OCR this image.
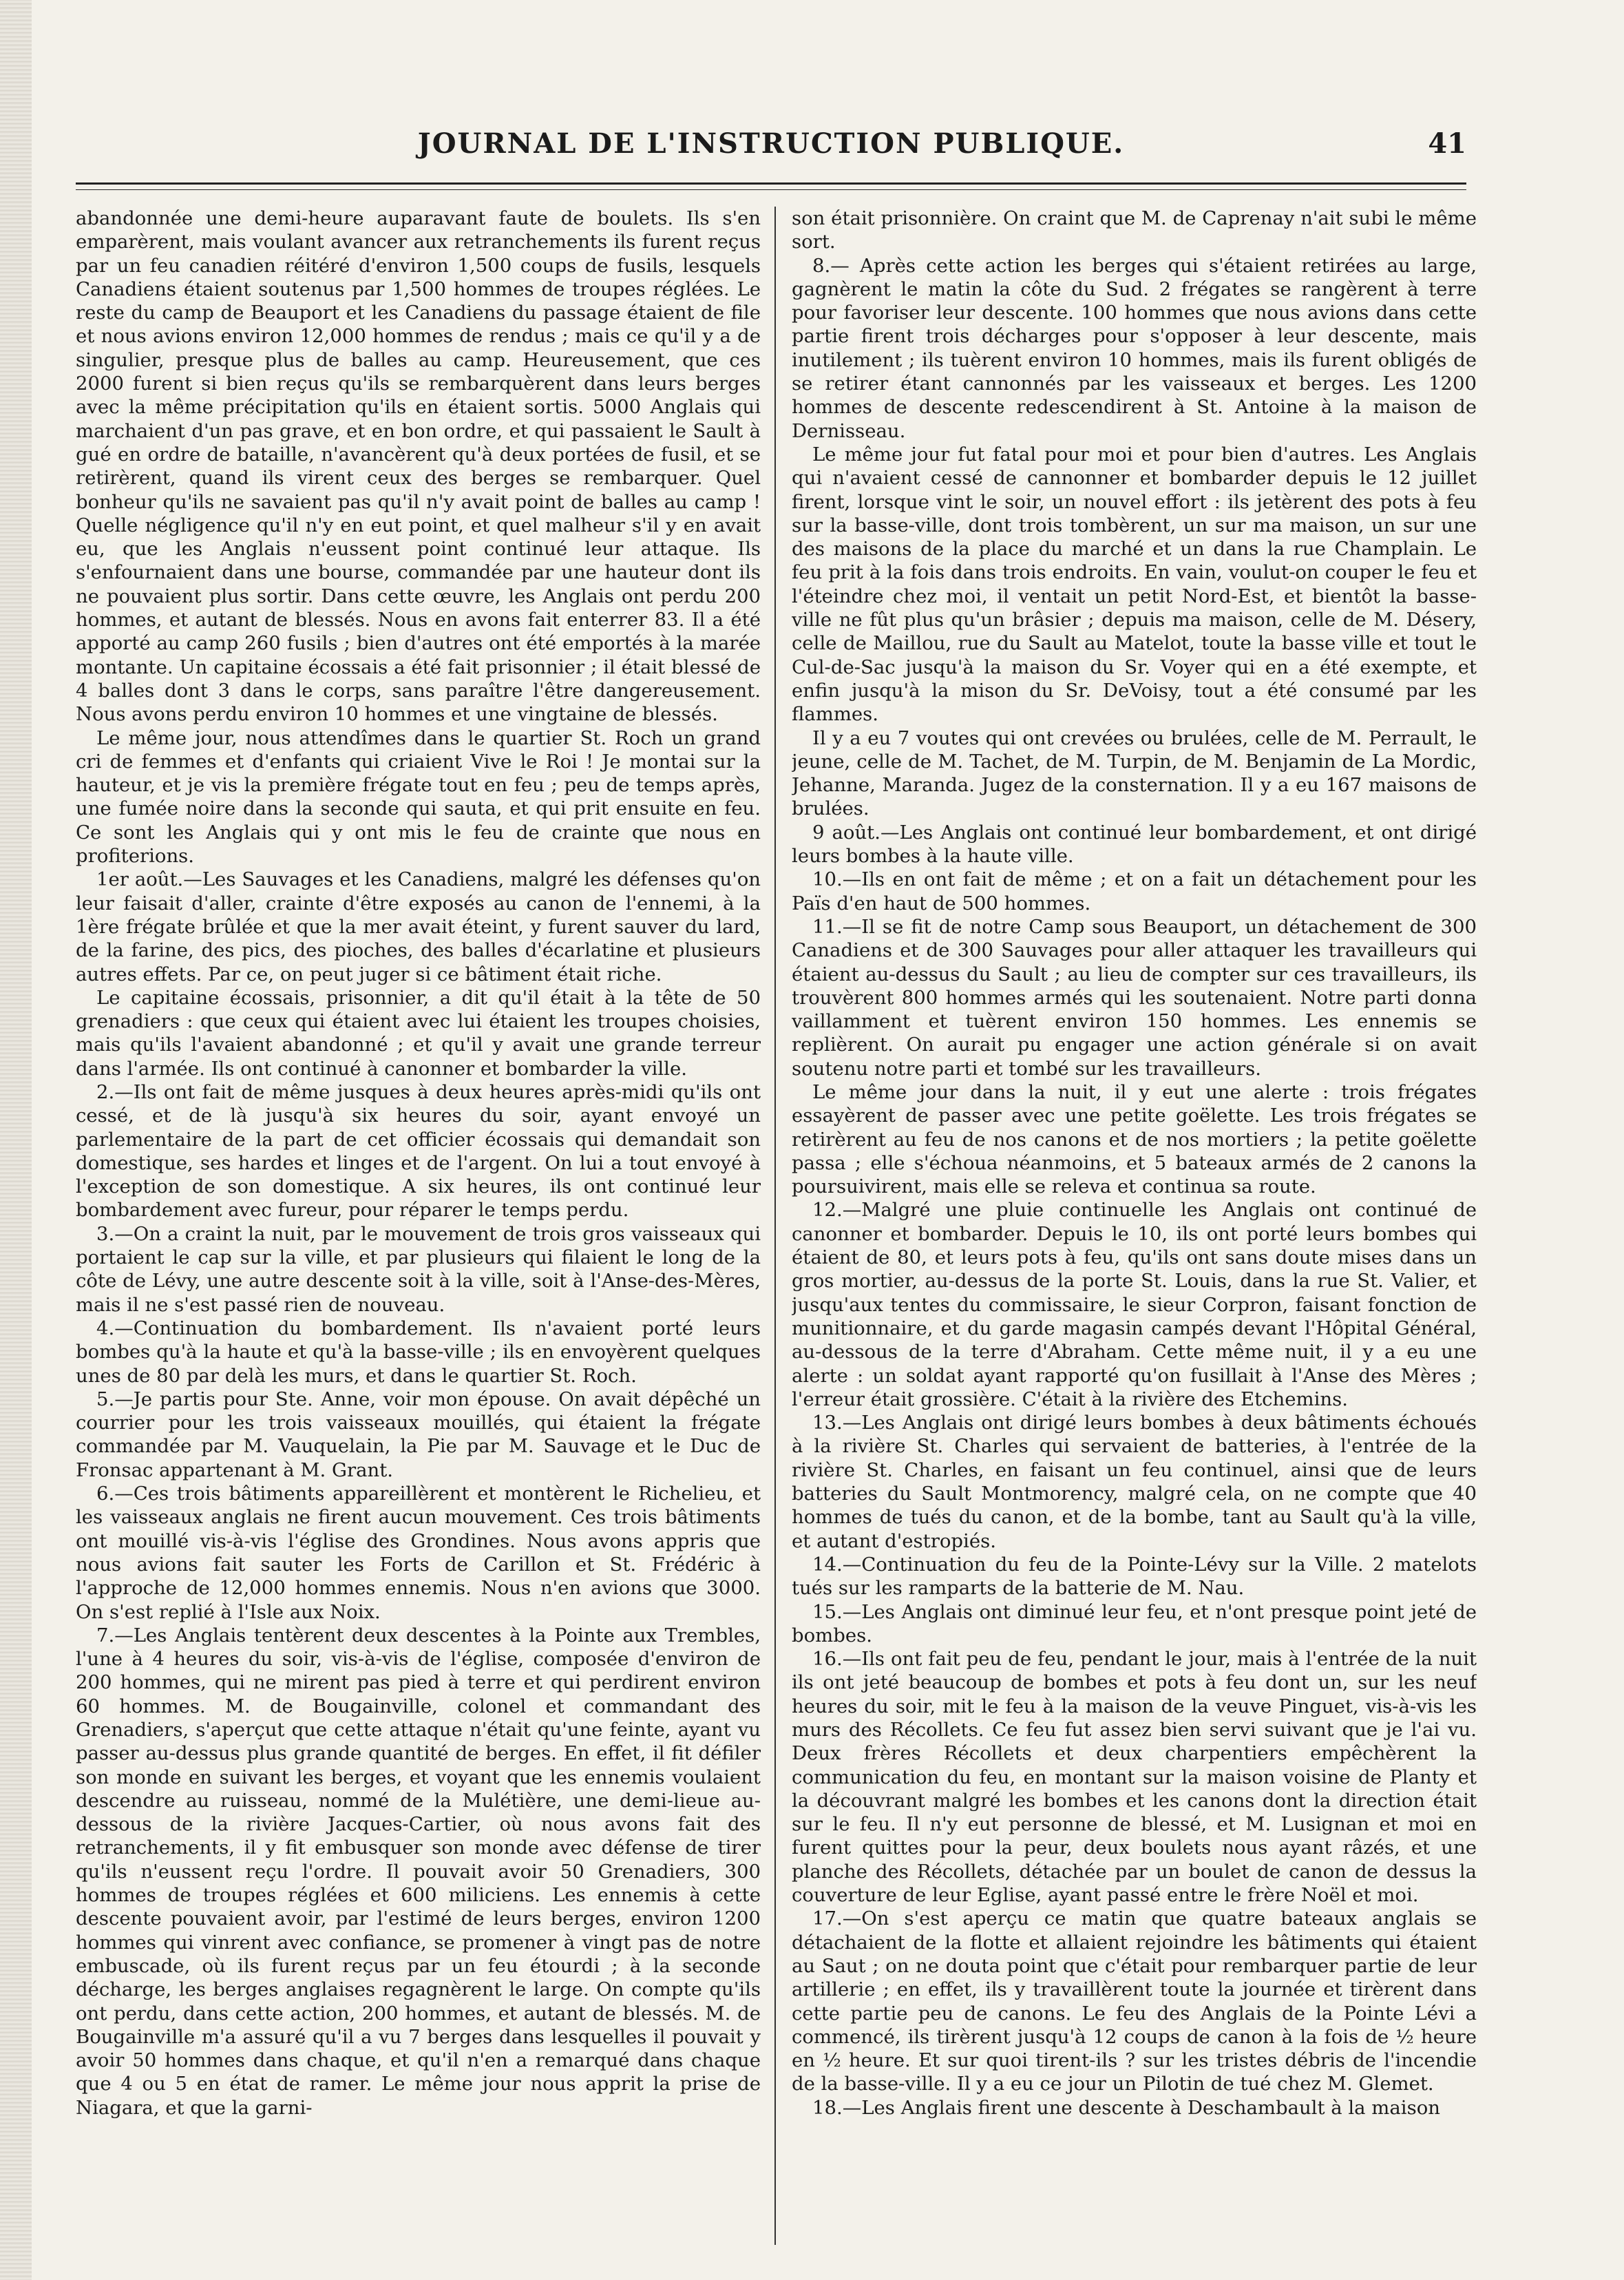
JOURNAL DE L'INSTRUCTION PUBLIQUE.	41

abandonnée une demi-heure auparavant faute de boulets. Ils s'en emparèrent, mais voulant avancer aux retranchements ils furent reçus par un feu canadien réitéré d'environ 1,500 coups de fusils, lesquels Canadiens étaient soutenus par 1,500 hommes de troupes réglées. Le reste du camp de Beauport et les Canadiens du passage étaient de file et nous avions environ 12,000 hommes de rendus ; mais ce qu'il y a de singulier, presque plus de balles au camp. Heureusement, que ces 2000 furent si bien reçus qu'ils se rembarquèrent dans leurs berges avec la même précipitation qu'ils en étaient sortis. 5000 Anglais qui marchaient d'un pas grave, et en bon ordre, et qui passaient le Sault à gué en ordre de bataille, n'avancèrent qu'à deux portées de fusil, et se retirèrent, quand ils virent ceux des berges se rembarquer. Quel bonheur qu'ils ne savaient pas qu'il n'y avait point de balles au camp ! Quelle négligence qu'il n'y en eut point, et quel malheur s'il y en avait eu, que les Anglais n'eussent point continué leur attaque. Ils s'enfournaient dans une bourse, commandée par une hauteur dont ils ne pouvaient plus sortir. Dans cette œuvre, les Anglais ont perdu 200 hommes, et autant de blessés. Nous en avons fait enterrer 83. Il a été apporté au camp 260 fusils ; bien d'autres ont été emportés à la marée montante. Un capitaine écossais a été fait prisonnier ; il était blessé de 4 balles dont 3 dans le corps, sans paraître l'être dangereusement. Nous avons perdu environ 10 hommes et une vingtaine de blessés.

Le même jour, nous attendîmes dans le quartier St. Roch un grand cri de femmes et d'enfants qui criaient Vive le Roi ! Je montai sur la hauteur, et je vis la première frégate tout en feu ; peu de temps après, une fumée noire dans la seconde qui sauta, et qui prit ensuite en feu. Ce sont les Anglais qui y ont mis le feu de crainte que nous en profiterions.

1er août.—Les Sauvages et les Canadiens, malgré les défenses qu'on leur faisait d'aller, crainte d'être exposés au canon de l'ennemi, à la 1ère frégate brûlée et que la mer avait éteint, y furent sauver du lard, de la farine, des pics, des pioches, des balles d'écarlatine et plusieurs autres effets. Par ce, on peut juger si ce bâtiment était riche.

Le capitaine écossais, prisonnier, a dit qu'il était à la tête de 50 grenadiers : que ceux qui étaient avec lui étaient les troupes choisies, mais qu'ils l'avaient abandonné ; et qu'il y avait une grande terreur dans l'armée. Ils ont continué à canonner et bombarder la ville.

2.—Ils ont fait de même jusques à deux heures après-midi qu'ils ont cessé, et de là jusqu'à six heures du soir, ayant envoyé un parlementaire de la part de cet officier écossais qui demandait son domestique, ses hardes et linges et de l'argent. On lui a tout envoyé à l'exception de son domestique. A six heures, ils ont continué leur bombardement avec fureur, pour réparer le temps perdu.

3.—On a craint la nuit, par le mouvement de trois gros vaisseaux qui portaient le cap sur la ville, et par plusieurs qui filaient le long de la côte de Lévy, une autre descente soit à la ville, soit à l'Anse-des-Mères, mais il ne s'est passé rien de nouveau.

4.—Continuation du bombardement. Ils n'avaient porté leurs bombes qu'à la haute et qu'à la basse-ville ; ils en envoyèrent quelques unes de 80 par delà les murs, et dans le quartier St. Roch.

5.—Je partis pour Ste. Anne, voir mon épouse. On avait dépêché un courrier pour les trois vaisseaux mouillés, qui étaient la frégate commandée par M. Vauquelain, la Pie par M. Sauvage et le Duc de Fronsac appartenant à M. Grant.

6.—Ces trois bâtiments appareillèrent et montèrent le Richelieu, et les vaisseaux anglais ne firent aucun mouvement. Ces trois bâtiments ont mouillé vis-à-vis l'église des Grondines. Nous avons appris que nous avions fait sauter les Forts de Carillon et St. Frédéric à l'approche de 12,000 hommes ennemis. Nous n'en avions que 3000. On s'est replié à l'Isle aux Noix.

7.—Les Anglais tentèrent deux descentes à la Pointe aux Trembles, l'une à 4 heures du soir, vis-à-vis de l'église, composée d'environ de 200 hommes, qui ne mirent pas pied à terre et qui perdirent environ 60 hommes. M. de Bougainville, colonel et commandant des Grenadiers, s'aperçut que cette attaque n'était qu'une feinte, ayant vu passer au-dessus plus grande quantité de berges. En effet, il fit défiler son monde en suivant les berges, et voyant que les ennemis voulaient descendre au ruisseau, nommé de la Mulétière, une demi-lieue au-dessous de la rivière Jacques-Cartier, où nous avons fait des retranchements, il y fit embusquer son monde avec défense de tirer qu'ils n'eussent reçu l'ordre. Il pouvait avoir 50 Grenadiers, 300 hommes de troupes réglées et 600 miliciens. Les ennemis à cette descente pouvaient avoir, par l'estimé de leurs berges, environ 1200 hommes qui vinrent avec confiance, se promener à vingt pas de notre embuscade, où ils furent reçus par un feu étourdi ; à la seconde décharge, les berges anglaises regagnèrent le large. On compte qu'ils ont perdu, dans cette action, 200 hommes, et autant de blessés. M. de Bougainville m'a assuré qu'il a vu 7 berges dans lesquelles il pouvait y avoir 50 hommes dans chaque, et qu'il n'en a remarqué dans chaque que 4 ou 5 en état de ramer. Le même jour nous apprit la prise de Niagara, et que la garni-

son était prisonnière. On craint que M. de Caprenay n'ait subi le même sort.

8.— Après cette action les berges qui s'étaient retirées au large, gagnèrent le matin la côte du Sud. 2 frégates se rangèrent à terre pour favoriser leur descente. 100 hommes que nous avions dans cette partie firent trois décharges pour s'opposer à leur descente, mais inutilement ; ils tuèrent environ 10 hommes, mais ils furent obligés de se retirer étant cannonnés par les vaisseaux et berges. Les 1200 hommes de descente redescendirent à St. Antoine à la maison de Dernisseau.

Le même jour fut fatal pour moi et pour bien d'autres. Les Anglais qui n'avaient cessé de cannonner et bombarder depuis le 12 juillet firent, lorsque vint le soir, un nouvel effort : ils jetèrent des pots à feu sur la basse-ville, dont trois tombèrent, un sur ma maison, un sur une des maisons de la place du marché et un dans la rue Champlain. Le feu prit à la fois dans trois endroits. En vain, voulut-on couper le feu et l'éteindre chez moi, il ventait un petit Nord-Est, et bientôt la basse-ville ne fût plus qu'un brâsier ; depuis ma maison, celle de M. Désery, celle de Maillou, rue du Sault au Matelot, toute la basse ville et tout le Cul-de-Sac jusqu'à la maison du Sr. Voyer qui en a été exempte, et enfin jusqu'à la mison du Sr. DeVoisy, tout a été consumé par les flammes.

Il y a eu 7 voutes qui ont crevées ou brulées, celle de M. Perrault, le jeune, celle de M. Tachet, de M. Turpin, de M. Benjamin de La Mordic, Jehanne, Maranda. Jugez de la consternation. Il y a eu 167 maisons de brulées.

9 août.—Les Anglais ont continué leur bombardement, et ont dirigé leurs bombes à la haute ville.

10.—Ils en ont fait de même ; et on a fait un détachement pour les Païs d'en haut de 500 hommes.

11.—Il se fit de notre Camp sous Beauport, un détachement de 300 Canadiens et de 300 Sauvages pour aller attaquer les travailleurs qui étaient au-dessus du Sault ; au lieu de compter sur ces travailleurs, ils trouvèrent 800 hommes armés qui les soutenaient. Notre parti donna vaillamment et tuèrent environ 150 hommes. Les ennemis se replièrent. On aurait pu engager une action générale si on avait soutenu notre parti et tombé sur les travailleurs.

Le même jour dans la nuit, il y eut une alerte : trois frégates essayèrent de passer avec une petite goëlette. Les trois frégates se retirèrent au feu de nos canons et de nos mortiers ; la petite goëlette passa ; elle s'échoua néanmoins, et 5 bateaux armés de 2 canons la poursuivirent, mais elle se releva et continua sa route.

12.—Malgré une pluie continuelle les Anglais ont continué de canonner et bombarder. Depuis le 10, ils ont porté leurs bombes qui étaient de 80, et leurs pots à feu, qu'ils ont sans doute mises dans un gros mortier, au-dessus de la porte St. Louis, dans la rue St. Valier, et jusqu'aux tentes du commissaire, le sieur Corpron, faisant fonction de munitionnaire, et du garde magasin campés devant l'Hôpital Général, au-dessous de la terre d'Abraham. Cette même nuit, il y a eu une alerte : un soldat ayant rapporté qu'on fusillait à l'Anse des Mères ; l'erreur était grossière. C'était à la rivière des Etchemins.

13.—Les Anglais ont dirigé leurs bombes à deux bâtiments échoués à la rivière St. Charles qui servaient de batteries, à l'entrée de la rivière St. Charles, en faisant un feu continuel, ainsi que de leurs batteries du Sault Montmorency, malgré cela, on ne compte que 40 hommes de tués du canon, et de la bombe, tant au Sault qu'à la ville, et autant d'estropiés.

14.—Continuation du feu de la Pointe-Lévy sur la Ville. 2 matelots tués sur les ramparts de la batterie de M. Nau.

15.—Les Anglais ont diminué leur feu, et n'ont presque point jeté de bombes.

16.—Ils ont fait peu de feu, pendant le jour, mais à l'entrée de la nuit ils ont jeté beaucoup de bombes et pots à feu dont un, sur les neuf heures du soir, mit le feu à la maison de la veuve Pinguet, vis-à-vis les murs des Récollets. Ce feu fut assez bien servi suivant que je l'ai vu. Deux frères Récollets et deux charpentiers empêchèrent la communication du feu, en montant sur la maison voisine de Planty et la découvrant malgré les bombes et les canons dont la direction était sur le feu. Il n'y eut personne de blessé, et M. Lusignan et moi en furent quittes pour la peur, deux boulets nous ayant râzés, et une planche des Récollets, détachée par un boulet de canon de dessus la couverture de leur Eglise, ayant passé entre le frère Noël et moi.

17.—On s'est aperçu ce matin que quatre bateaux anglais se détachaient de la flotte et allaient rejoindre les bâtiments qui étaient au Saut ; on ne douta point que c'était pour rembarquer partie de leur artillerie ; en effet, ils y travaillèrent toute la journée et tirèrent dans cette partie peu de canons. Le feu des Anglais de la Pointe Lévi a commencé, ils tirèrent jusqu'à 12 coups de canon à la fois de ½ heure en ½ heure. Et sur quoi tirent-ils ? sur les tristes débris de l'incendie de la basse-ville. Il y a eu ce jour un Pilotin de tué chez M. Glemet.

18.—Les Anglais firent une descente à Deschambault à la maison
